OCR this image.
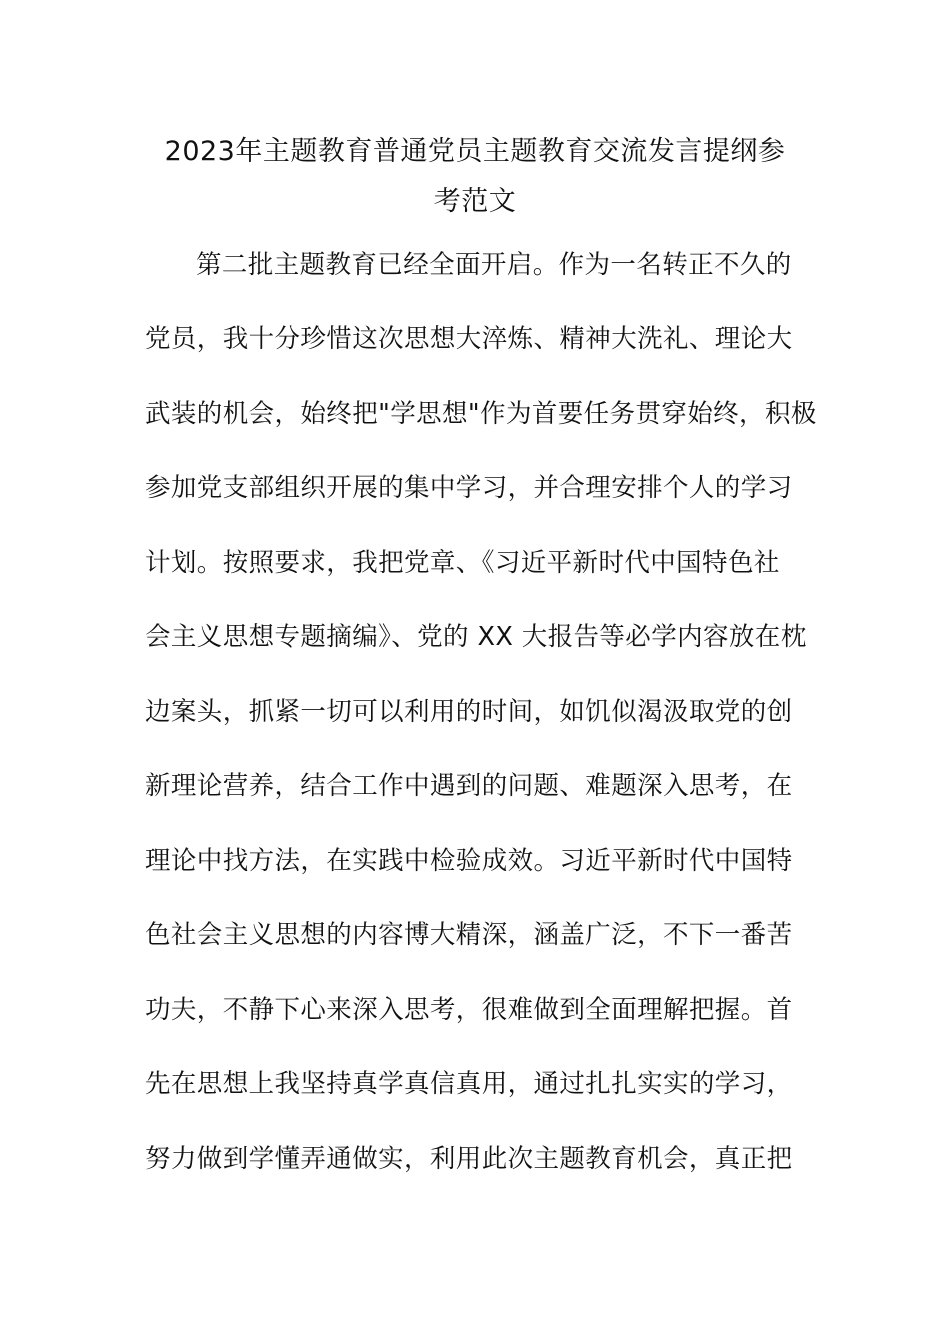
2023年主题教育普通党员主题教育交流发言提纲参
考范文
第二批主题教育已经全面开启。作为一名转正不久的
党员，我十分珍惜这次思想大淬炼、精神大洗礼、理论大
武装的机会，始终把"学思想"作为首要任务贯穿始终，积极
参加党支部组织开展的集中学习，并合理安排个人的学习
计划。按照要求，我把党章、《习近平新时代中国特色社
会主义思想专题摘编》、党的 XX 大报告等必学内容放在枕
边案头，抓紧一切可以利用的时间，如饥似渴汲取党的创
新理论营养，结合工作中遇到的问题、难题深入思考，在
理论中找方法，在实践中检验成效。习近平新时代中国特
色社会主义思想的内容博大精深，涵盖广泛，不下一番苦
功夫，不静下心来深入思考，很难做到全面理解把握。首
先在思想上我坚持真学真信真用，通过扎扎实实的学习，
努力做到学懂弄通做实，利用此次主题教育机会，真正把
